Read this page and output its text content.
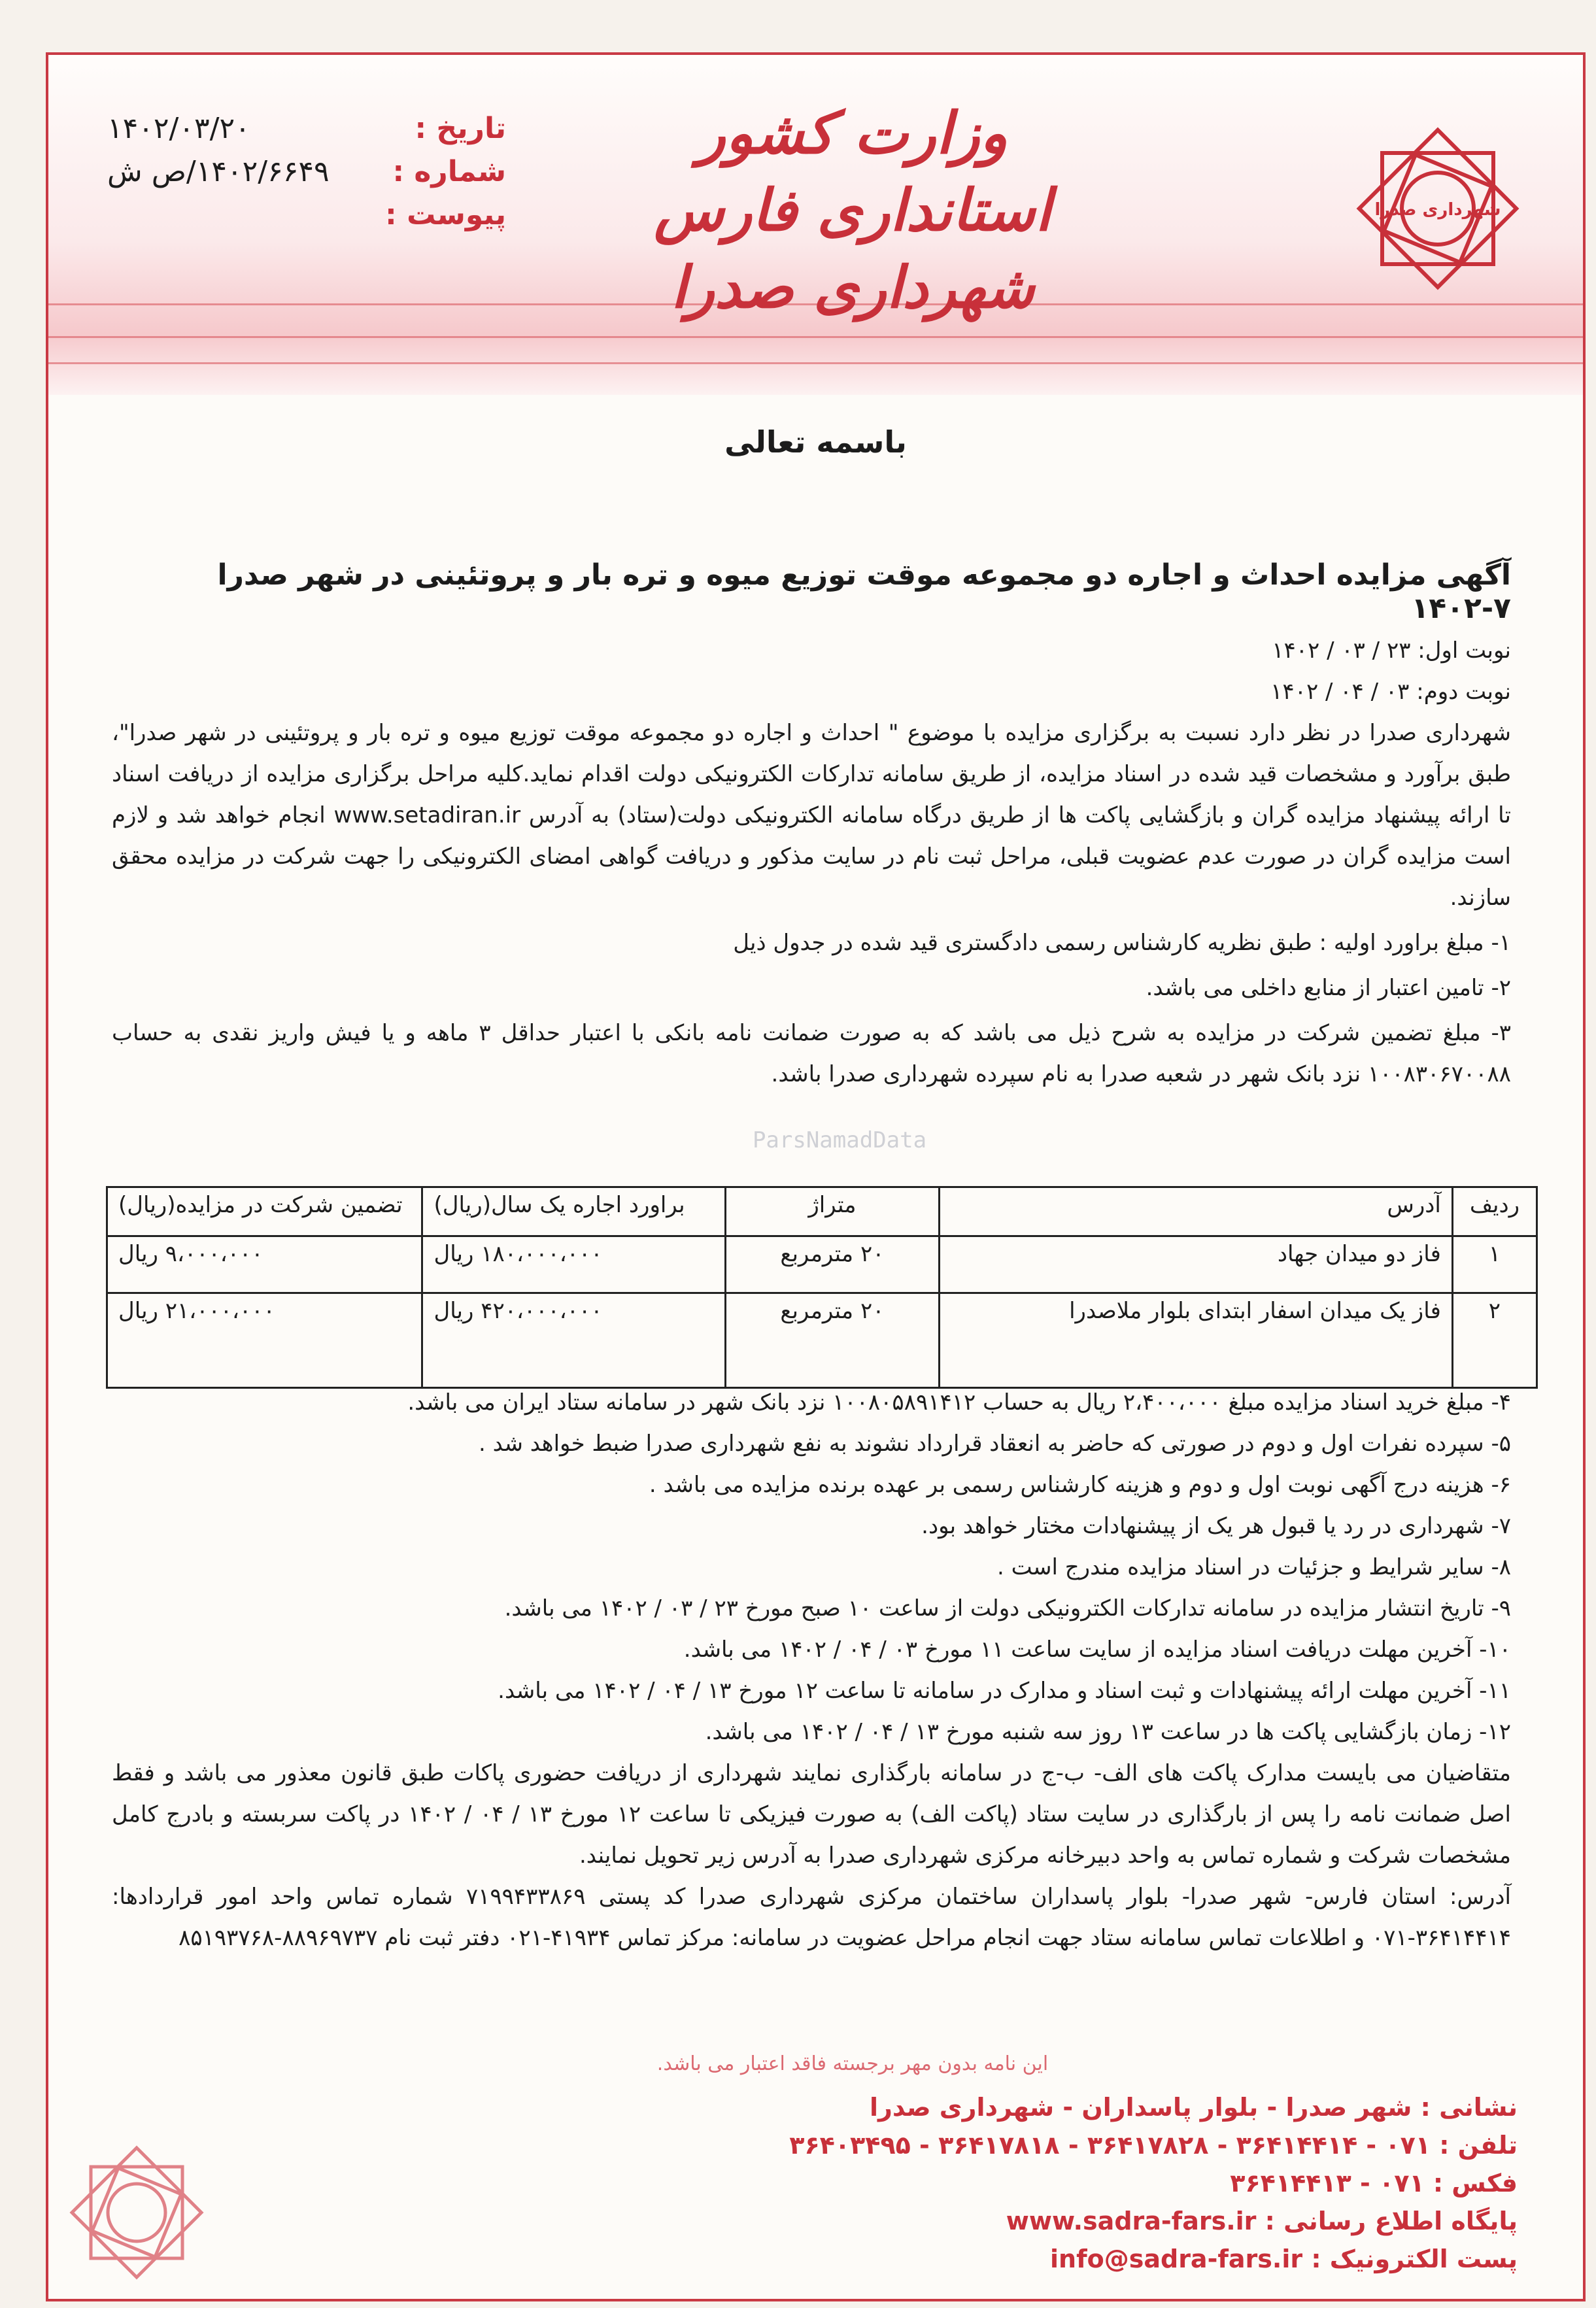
تاریخ :
۱۴۰۲/۰۳/۲۰
شماره :
۱۴۰۲/۶۶۴۹/ص ش
پیوست :
وزارت کشور
استانداری فارس
شهرداری صدرا
شهرداری صدرا
باسمه تعالی
آگهی مزایده احداث و اجاره دو مجموعه موقت توزیع میوه و تره بار و پروتئینی در شهر صدرا ۷-۱۴۰۲

نوبت اول: ۲۳ / ۰۳ / ۱۴۰۲

نوبت دوم: ۰۳ / ۰۴ / ۱۴۰۲

شهرداری صدرا در نظر دارد نسبت به برگزاری مزایده با موضوع " احداث و اجاره دو مجموعه موقت توزیع میوه و تره بار و پروتئینی در شهر صدرا"، طبق برآورد و مشخصات قید شده در اسناد مزایده، از طریق سامانه تدارکات الکترونیکی دولت اقدام نماید.کلیه مراحل برگزاری مزایده از دریافت اسناد تا ارائه پیشنهاد مزایده گران و بازگشایی پاکت ها از طریق درگاه سامانه الکترونیکی دولت(ستاد) به آدرس www.setadiran.ir انجام خواهد شد و لازم است مزایده گران در صورت عدم عضویت قبلی، مراحل ثبت نام در سایت مذکور و دریافت گواهی امضای الکترونیکی را جهت شرکت در مزایده محقق سازند.

۱- مبلغ براورد اولیه : طبق نظریه کارشناس رسمی دادگستری قید شده در جدول ذیل

۲- تامین اعتبار از منابع داخلی می باشد.

۳- مبلغ تضمین شرکت در مزایده به شرح ذیل می باشد که به صورت ضمانت نامه بانکی با اعتبار حداقل ۳ ماهه و یا فیش واریز نقدی به حساب ۱۰۰۸۳۰۶۷۰۰۸۸ نزد بانک شهر در شعبه صدرا به نام سپرده شهرداری صدرا باشد.

ParsNamadData
ردیف	آدرس	متراژ	براورد اجاره یک سال(ریال)	تضمین شرکت در مزایده(ریال)
۱	فاز دو میدان جهاد	۲۰ مترمربع	۱۸۰،۰۰۰،۰۰۰ ریال	۹،۰۰۰،۰۰۰ ریال
۲	فاز یک میدان اسفار ابتدای بلوار ملاصدرا	۲۰ مترمربع	۴۲۰،۰۰۰،۰۰۰ ریال	۲۱،۰۰۰،۰۰۰ ریال

۴- مبلغ خرید اسناد مزایده مبلغ ۲،۴۰۰،۰۰۰ ریال به حساب ۱۰۰۸۰۵۸۹۱۴۱۲ نزد بانک شهر در سامانه ستاد ایران می باشد.

۵- سپرده نفرات اول و دوم در صورتی که حاضر به انعقاد قرارداد نشوند به نفع شهرداری صدرا ضبط خواهد شد .

۶- هزینه درج آگهی نوبت اول و دوم و هزینه کارشناس رسمی بر عهده برنده مزایده می باشد .

۷- شهرداری در رد یا قبول هر یک از پیشنهادات مختار خواهد بود.

۸- سایر شرایط و جزئیات در اسناد مزایده مندرج است .

۹- تاریخ انتشار مزایده در سامانه تدارکات الکترونیکی دولت از ساعت ۱۰ صبح مورخ ۲۳ / ۰۳ / ۱۴۰۲ می باشد.

۱۰- آخرین مهلت دریافت اسناد مزایده از سایت ساعت ۱۱ مورخ ۰۳ / ۰۴ / ۱۴۰۲ می باشد.

۱۱- آخرین مهلت ارائه پیشنهادات و ثبت اسناد و مدارک در سامانه تا ساعت ۱۲ مورخ ۱۳ / ۰۴ / ۱۴۰۲ می باشد.

۱۲- زمان بازگشایی پاکت ها در ساعت ۱۳ روز سه شنبه مورخ ۱۳ / ۰۴ / ۱۴۰۲ می باشد.

متقاضیان می بایست مدارک پاکت های الف- ب-ج در سامانه بارگذاری نمایند شهرداری از دریافت حضوری پاکات طبق قانون معذور می باشد و فقط اصل ضمانت نامه را پس از بارگذاری در سایت ستاد (پاکت الف) به صورت فیزیکی تا ساعت ۱۲ مورخ ۱۳ / ۰۴ / ۱۴۰۲ در پاکت سربسته و بادرج کامل مشخصات شرکت و شماره تماس به واحد دبیرخانه مرکزی شهرداری صدرا به آدرس زیر تحویل نمایند.

آدرس: استان فارس- شهر صدرا- بلوار پاسداران ساختمان مرکزی شهرداری صدرا کد پستی ۷۱۹۹۴۳۳۸۶۹ شماره تماس واحد امور قراردادها: ۳۶۴۱۴۴۱۴-۰۷۱ و اطلاعات تماس سامانه ستاد جهت انجام مراحل عضویت در سامانه: مرکز تماس ۴۱۹۳۴-۰۲۱ دفتر ثبت نام ۸۸۹۶۹۷۳۷-۸۵۱۹۳۷۶۸

این نامه بدون مهر برجسته فاقد اعتبار می باشد.
نشانی : شهر صدرا - بلوار پاسداران - شهرداری صدرا
تلفن : ۰۷۱ - ۳۶۴۱۴۴۱۴ - ۳۶۴۱۷۸۲۸ - ۳۶۴۱۷۸۱۸ - ۳۶۴۰۳۴۹۵
فکس : ۰۷۱ - ۳۶۴۱۴۴۱۳
پایگاه اطلاع رسانی : www.sadra-fars.ir
پست الکترونیک : info@sadra-fars.ir
